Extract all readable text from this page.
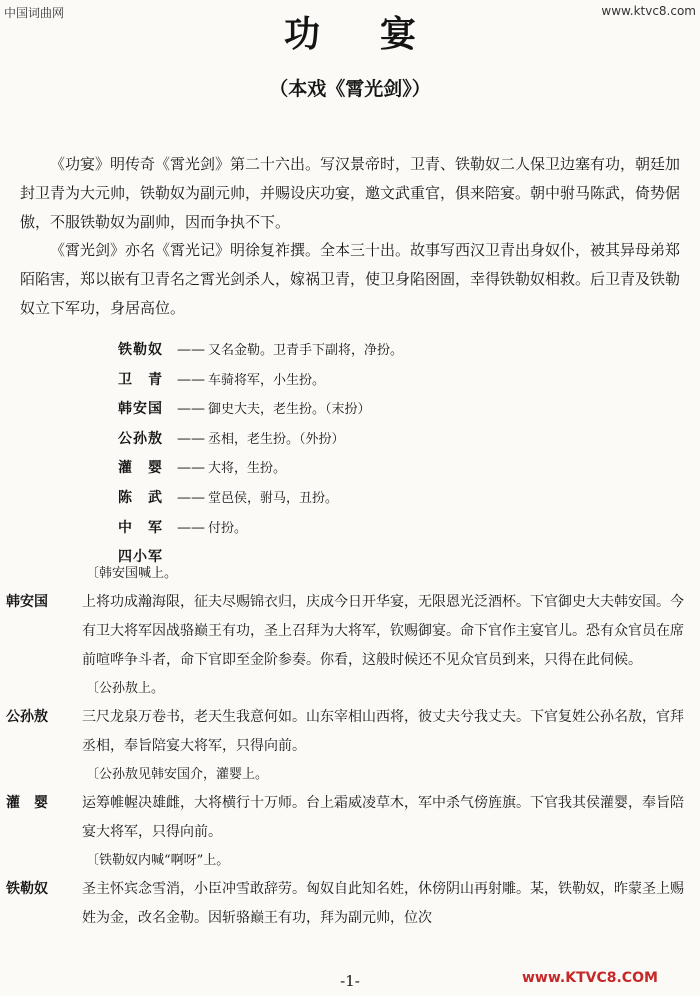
中国词曲网	www.ktvc8.com
功宴
（本戏《霄光剑》）

《功宴》明传奇《霄光剑》第二十六出。写汉景帝时，卫青、铁勒奴二人保卫边塞有功，朝廷加封卫青为大元帅，铁勒奴为副元帅，并赐设庆功宴，邀文武重官，俱来陪宴。朝中驸马陈武，倚势倨傲，不服铁勒奴为副帅，因而争执不下。

《霄光剑》亦名《霄光记》明徐复祚撰。全本三十出。故事写西汉卫青出身奴仆，被其异母弟郑陌陷害，郑以嵌有卫青名之霄光剑杀人，嫁祸卫青，使卫身陷囹圄，幸得铁勒奴相救。后卫青及铁勒奴立下军功，身居高位。

铁勒奴 —— 又名金勒。卫青手下副将，净扮。
卫　青 —— 车骑将军，小生扮。
韩安国 —— 御史大夫，老生扮。（末扮）
公孙敖 —— 丞相，老生扮。（外扮）
灌　婴 —— 大将，生扮。
陈　武 —— 堂邑侯，驸马，丑扮。
中　军 —— 付扮。
四小军
〔韩安国喊上。
韩安国	上将功成瀚海限，征夫尽赐锦衣归，庆成今日开华宴，无限恩光泛酒杯。下官御史大夫韩安国。今有卫大将军因战骆巅王有功，圣上召拜为大将军，钦赐御宴。命下官作主宴官儿。恐有众官员在席前喧哗争斗者，命下官即至金阶参奏。你看，这般时候还不见众官员到来，只得在此伺候。
〔公孙敖上。
公孙敖	三尺龙泉万卷书，老天生我意何如。山东宰相山西将，彼丈夫兮我丈夫。下官复姓公孙名敖，官拜丞相，奉旨陪宴大将军，只得向前。
〔公孙敖见韩安国介，灌婴上。
灌　婴	运筹帷幄决雄雌，大将横行十万师。台上霜威凌草木，军中杀气傍旌旗。下官我其侯灌婴，奉旨陪宴大将军，只得向前。
〔铁勒奴内喊“啊呀”上。
铁勒奴	圣主怀宾念雪消，小臣冲雪敢辞劳。匈奴自此知名姓，休傍阴山再射雕。某，铁勒奴，昨蒙圣上赐姓为金，改名金勒。因斩骆巅王有功，拜为副元帅，位次
-1-	www.KTVC8.COM
